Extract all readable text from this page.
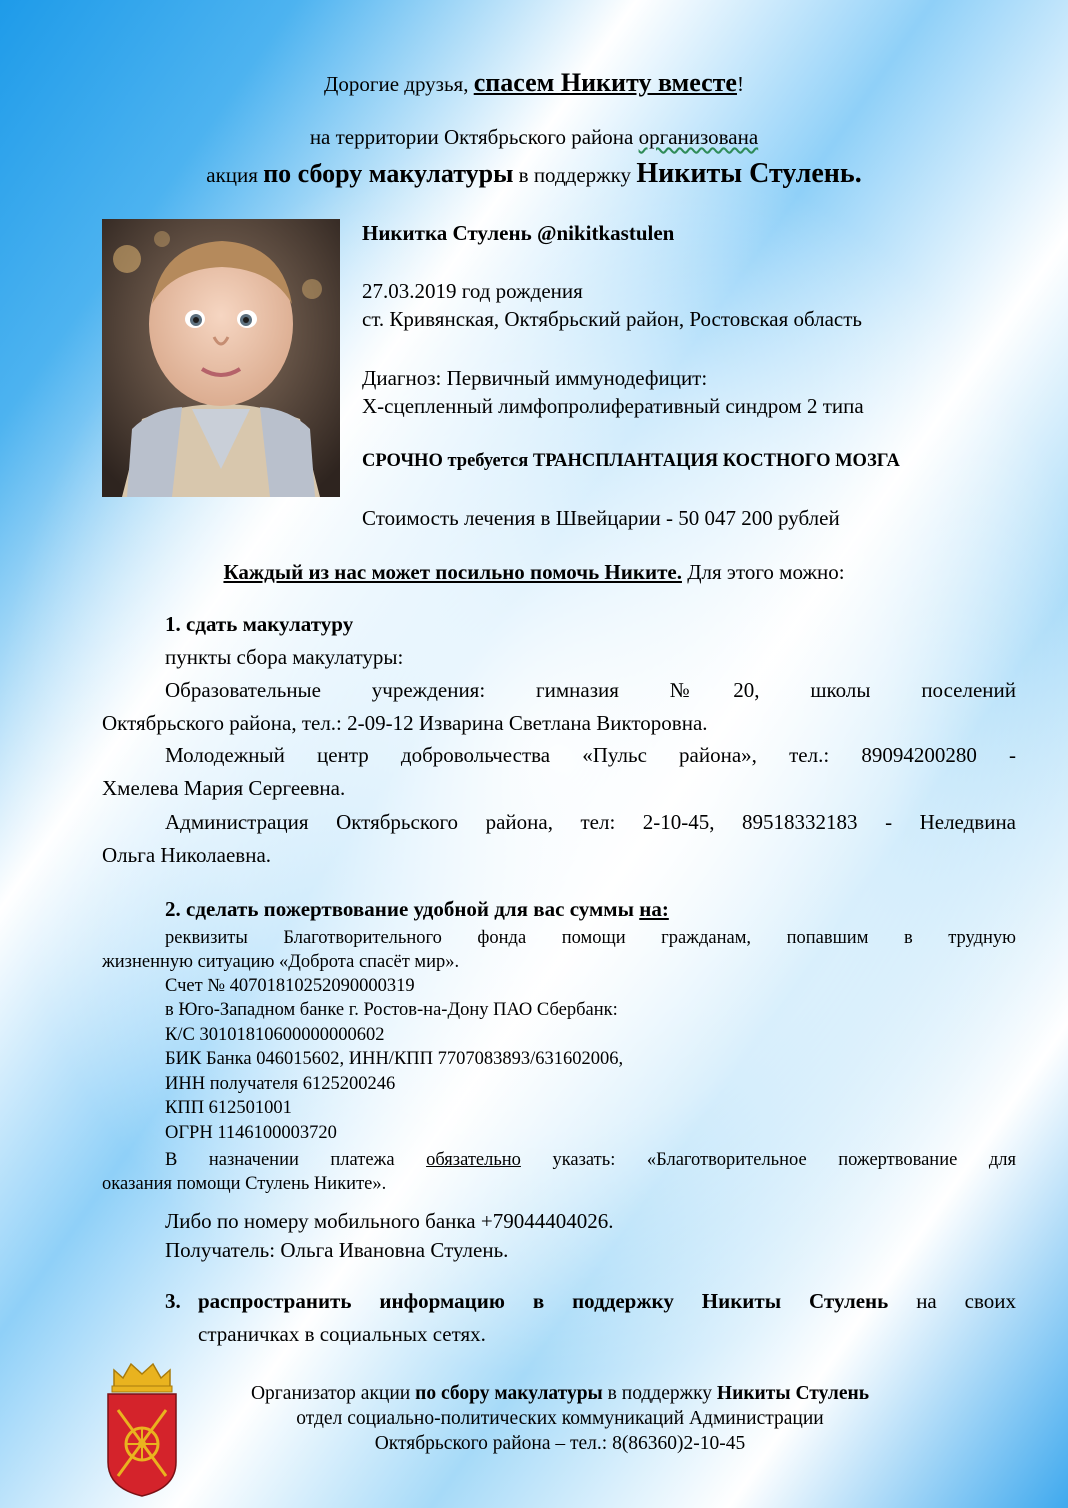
Дорогие друзья, спасем Никиту вместе!
на территории Октябрьского района организована
акция по сбору макулатуры в поддержку Никиты Стулень.
Никитка Стулень @nikitkastulen
27.03.2019 год рождения
ст. Кривянская, Октябрьский район, Ростовская область
Диагноз: Первичный иммунодефицит:
Х-сцепленный лимфопролиферативный синдром 2 типа
СРОЧНО требуется ТРАНСПЛАНТАЦИЯ КОСТНОГО МОЗГА
Стоимость лечения в Швейцарии - 50 047 200 рублей
Каждый из нас может посильно помочь Никите. Для этого можно:
1. сдать макулатуру
пункты сбора макулатуры:
Образовательные учреждения: гимназия №20, школы поселений
Октябрьского района, тел.: 2-09-12 Изварина Светлана Викторовна.
Молодежный центр добровольчества «Пульс района», тел.: 89094200280 -
Хмелева Мария Сергеевна.
Администрация Октябрьского района, тел: 2-10-45, 89518332183 - Неледвина
Ольга Николаевна.
2. сделать пожертвование удобной для вас суммы на:
реквизиты Благотворительного фонда помощи гражданам, попавшим в трудную
жизненную ситуацию «Доброта спасёт мир».
Счет № 40701810252090000319
в Юго-Западном банке г. Ростов-на-Дону ПАО Сбербанк:
К/С 30101810600000000602
БИК Банка 046015602, ИНН/КПП 7707083893/631602006,
ИНН получателя 6125200246
КПП 612501001
ОГРН 1146100003720
В назначении платежа обязательно указать: «Благотворительное пожертвование для
оказания помощи Стулень Никите».
Либо по номеру мобильного банка +79044404026.
Получатель: Ольга Ивановна Стулень.
3. распространить информацию в поддержку Никиты Стулень на своих
страничках в социальных сетях.
Организатор акции по сбору макулатуры в поддержку Никиты Стулень
отдел социально-политических коммуникаций Администрации
Октябрьского района – тел.: 8(86360)2-10-45
